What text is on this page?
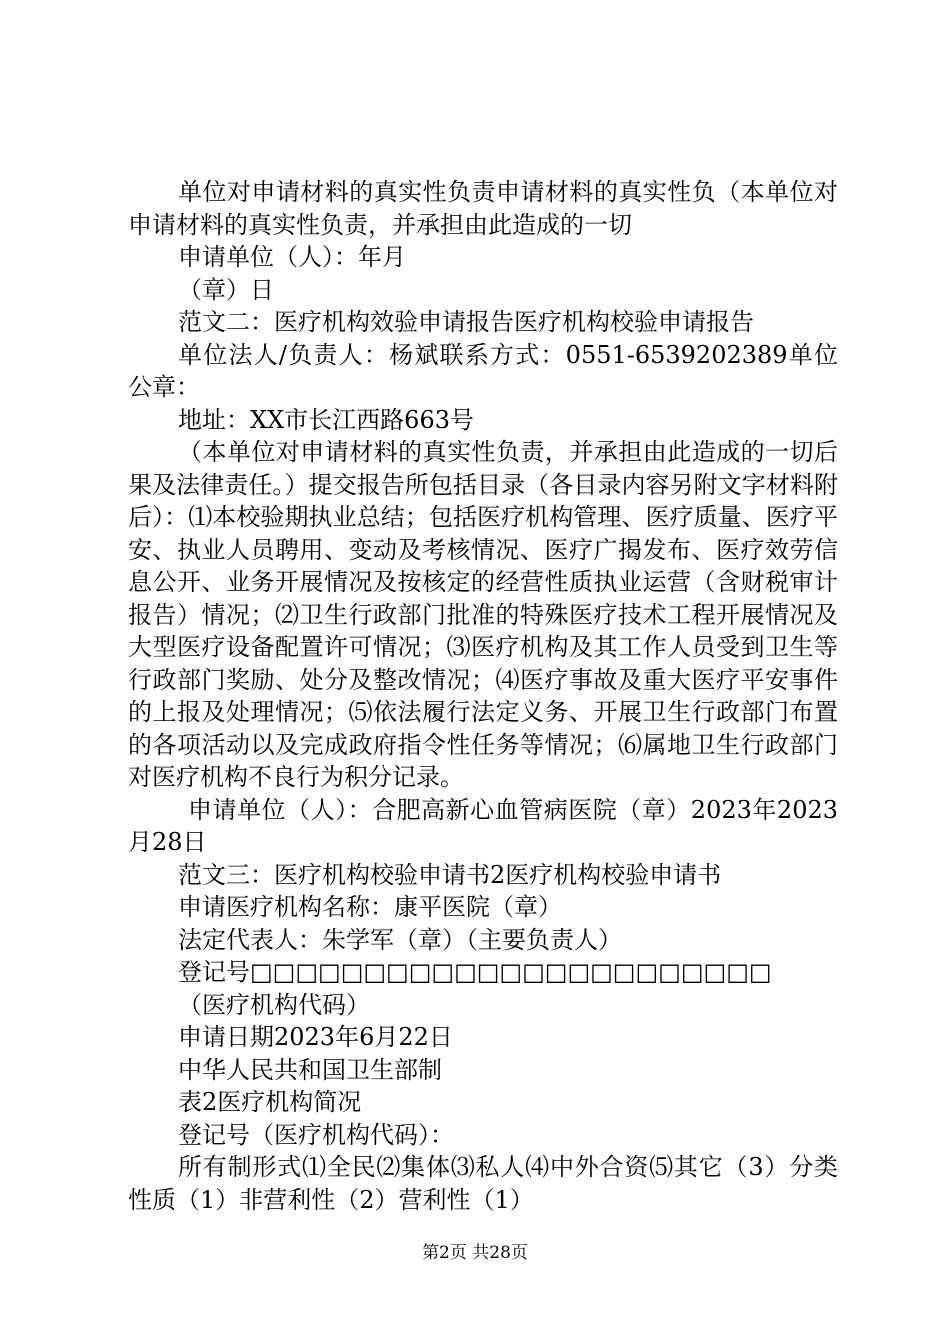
单位对申请材料的真实性负责申请材料的真实性负（本单位对申请材料的真实性负责，并承担由此造成的一切

申请单位（人）：年月

（章）日

范文二：医疗机构效验申请报告医疗机构校验申请报告

单位法人/负责人：杨斌联系方式：0551-6539202389单位公章：

地址：XX市长江西路663号

（本单位对申请材料的真实性负责，并承担由此造成的一切后果及法律责任。）提交报告所包括目录（各目录内容另附文字材料附后）：⑴本校验期执业总结；包括医疗机构管理、医疗质量、医疗平安、执业人员聘用、变动及考核情况、医疗广揭发布、医疗效劳信息公开、业务开展情况及按核定的经营性质执业运营（含财税审计报告）情况；⑵卫生行政部门批准的特殊医疗技术工程开展情况及大型医疗设备配置许可情况；⑶医疗机构及其工作人员受到卫生等行政部门奖励、处分及整改情况；⑷医疗事故及重大医疗平安事件的上报及处理情况；⑸依法履行法定义务、开展卫生行政部门布置的各项活动以及完成政府指令性任务等情况；⑹属地卫生行政部门对医疗机构不良行为积分记录。

申请单位（人）：合肥高新心血管病医院（章）2023年2023月28日

范文三：医疗机构校验申请书2医疗机构校验申请书

申请医疗机构名称：康平医院（章）

法定代表人：朱学军（章）（主要负责人）

登记号□□□□□□□□□□□□□□□□□□□□□□□

（医疗机构代码）

申请日期2023年6月22日

中华人民共和国卫生部制

表2医疗机构简况

登记号（医疗机构代码）：

所有制形式⑴全民⑵集体⑶私人⑷中外合资⑸其它（3）分类性质（1）非营利性（2）营利性（1）

第2页 共28页
